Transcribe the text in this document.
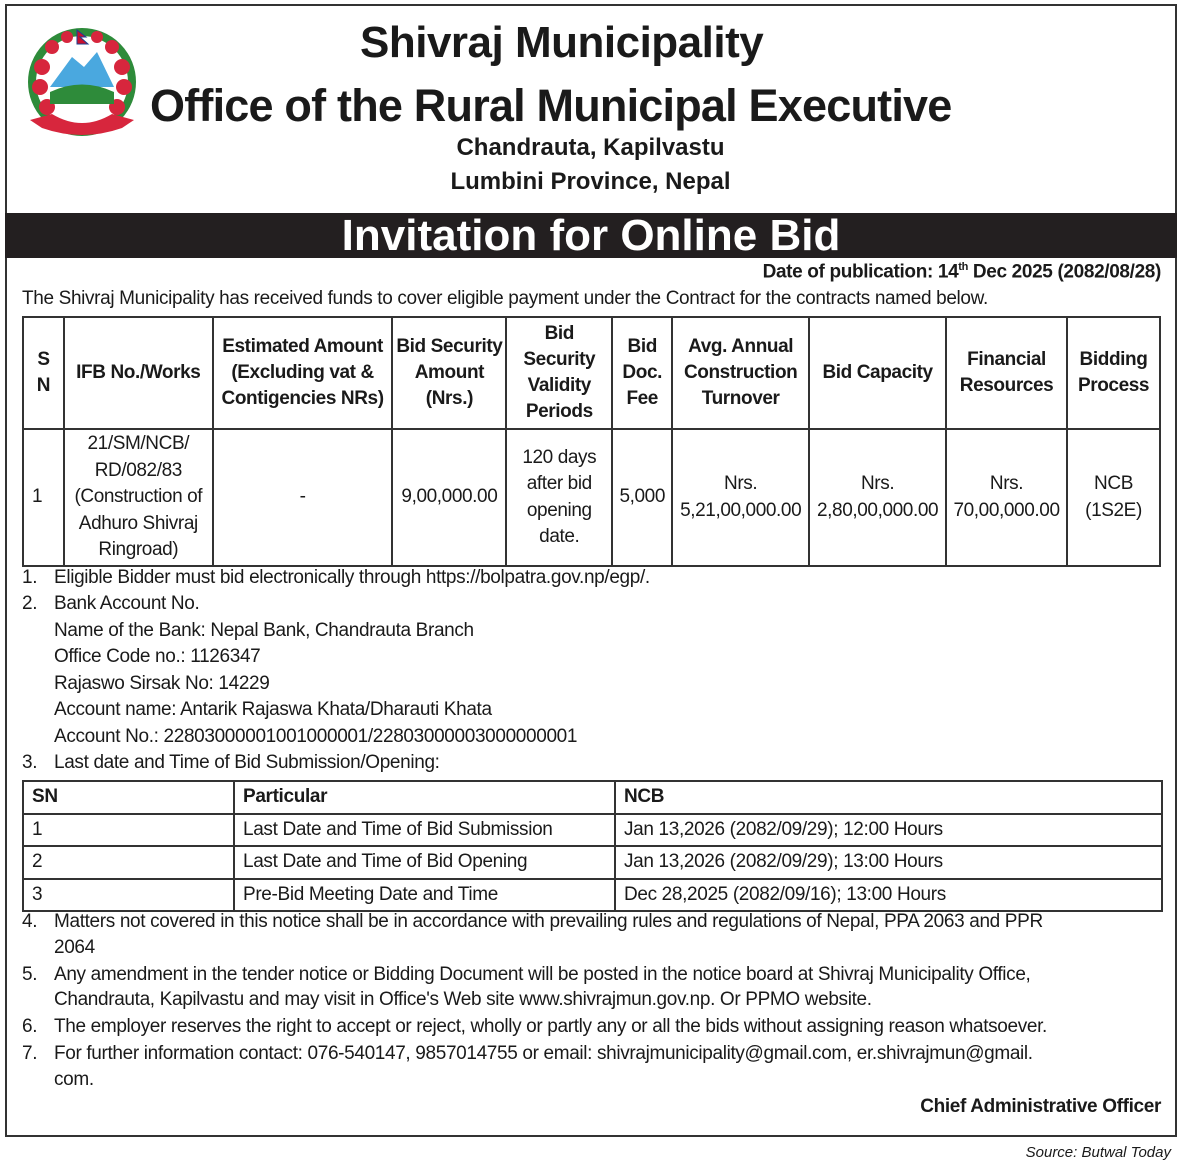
Shivraj Municipality
Office of the Rural Municipal Executive
Chandrauta, Kapilvastu
Lumbini Province, Nepal
Invitation for Online Bid
Date of publication: 14th Dec 2025 (2082/08/28)
The Shivraj Municipality has received funds to cover eligible payment under the Contract for the contracts named below.
S N	IFB No./Works	Estimated Amount (Excluding vat & Contigencies NRs)	Bid Security Amount (Nrs.)	Bid Security Validity Periods	Bid Doc. Fee	Avg. Annual Construction Turnover	Bid Capacity	Financial Resources	Bidding Process
1	21/SM/NCB/ RD/082/83 (Construction of Adhuro Shivraj Ringroad)	-	9,00,000.00	120 days after bid opening date.	5,000	Nrs. 5,21,00,000.00	Nrs. 2,80,00,000.00	Nrs. 70,00,000.00	NCB (1S2E)
1. Eligible Bidder must bid electronically through https://bolpatra.gov.np/egp/.
2. Bank Account No.
Name of the Bank: Nepal Bank, Chandrauta Branch
Office Code no.: 1126347
Rajaswo Sirsak No: 14229
Account name: Antarik Rajaswa Khata/Dharauti Khata
Account No.: 22803000001001000001/22803000003000000001
3. Last date and Time of Bid Submission/Opening:
SN	Particular	NCB
1	Last Date and Time of Bid Submission	Jan 13,2026 (2082/09/29); 12:00 Hours
2	Last Date and Time of Bid Opening	Jan 13,2026 (2082/09/29); 13:00 Hours
3	Pre-Bid Meeting Date and Time	Dec 28,2025 (2082/09/16); 13:00 Hours
4. Matters not covered in this notice shall be in accordance with prevailing rules and regulations of Nepal, PPA 2063 and PPR
2064
5. Any amendment in the tender notice or Bidding Document will be posted in the notice board at Shivraj Municipality Office,
Chandrauta, Kapilvastu and may visit in Office's Web site www.shivrajmun.gov.np. Or PPMO website.
6. The employer reserves the right to accept or reject, wholly or partly any or all the bids without assigning reason whatsoever.
7. For further information contact: 076-540147, 9857014755 or email: shivrajmunicipality@gmail.com, er.shivrajmun@gmail.
com.
Chief Administrative Officer
Source: Butwal Today
